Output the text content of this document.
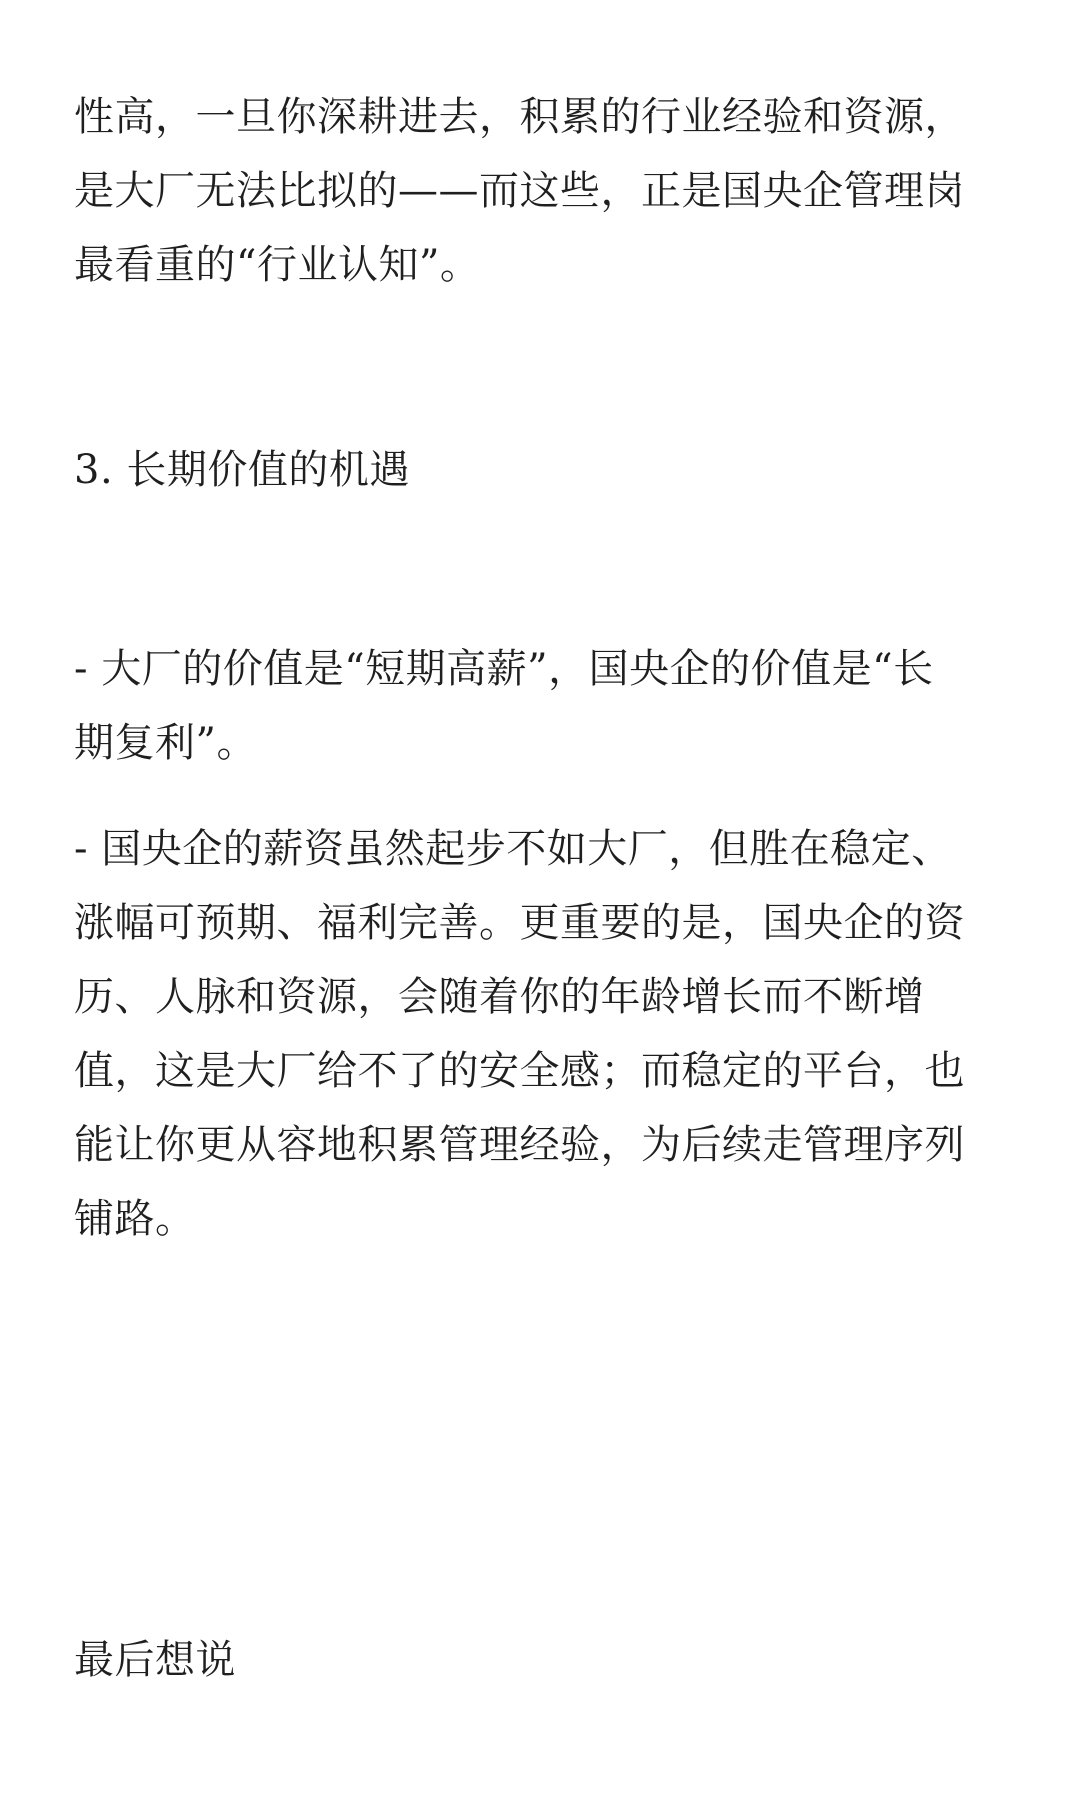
性高，一旦你深耕进去，积累的行业经验和资源，
是大厂无法比拟的——而这些，正是国央企管理岗
最看重的“行业认知”。

3. 长期价值的机遇

- 大厂的价值是“短期高薪”，国央企的价值是“长
期复利”。

- 国央企的薪资虽然起步不如大厂，但胜在稳定、
涨幅可预期、福利完善。更重要的是，国央企的资
历、人脉和资源，会随着你的年龄增长而不断增
值，这是大厂给不了的安全感；而稳定的平台，也
能让你更从容地积累管理经验，为后续走管理序列
铺路。

最后想说
